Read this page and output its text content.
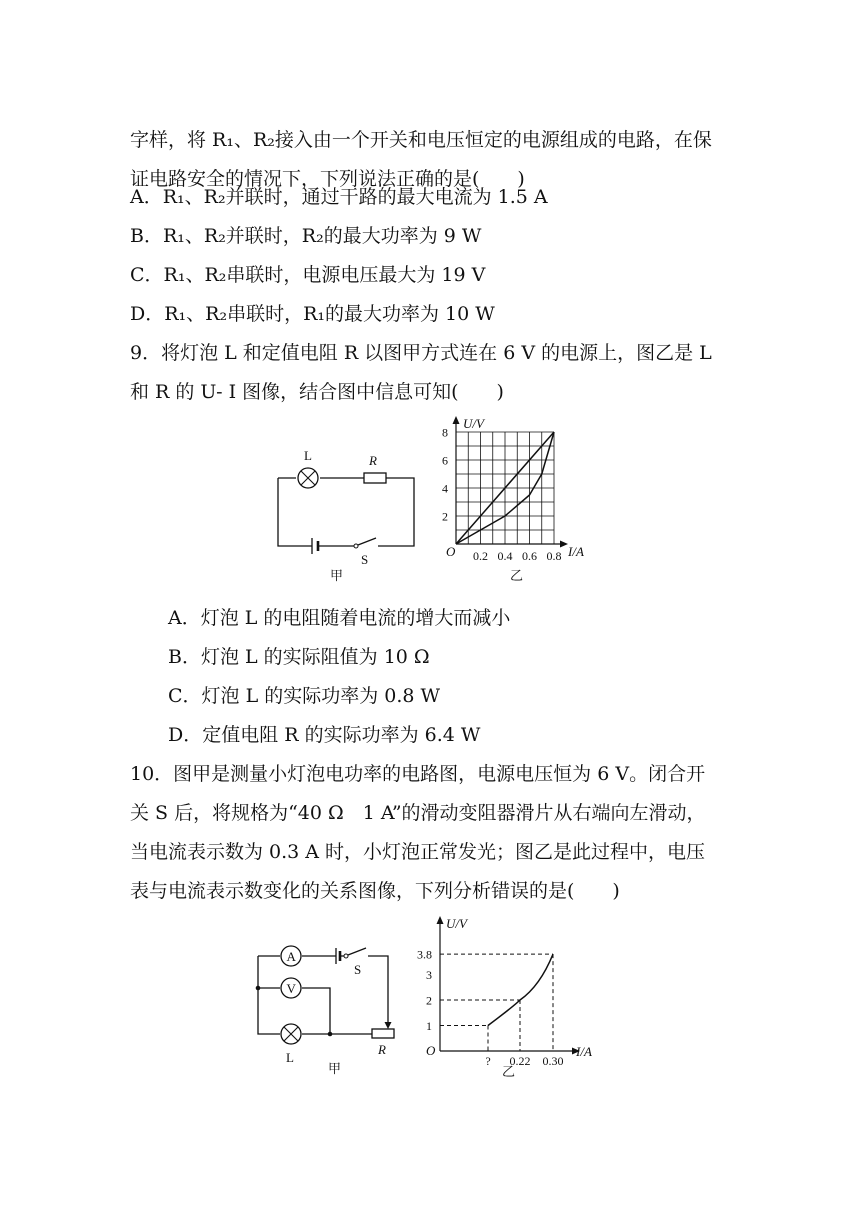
字样，将 R₁、R₂接入由一个开关和电压恒定的电源组成的电路，在保
证电路安全的情况下，下列说法正确的是(　　)
A．R₁、R₂并联时，通过干路的最大电流为 1.5 A
B．R₁、R₂并联时，R₂的最大功率为 9 W
C．R₁、R₂串联时，电源电压最大为 19 V
D．R₁、R₂串联时，R₁的最大功率为 10 W
9．将灯泡 L 和定值电阻 R 以图甲方式连在 6 V 的电源上，图乙是 L
和 R 的 U- I 图像，结合图中信息可知(　　)
L	R
S
甲
2
4
6
8
0.2 0.4 0.6 0.8
U/V
I/A
O
乙
A．灯泡 L 的电阻随着电流的增大而减小
B．灯泡 L 的实际阻值为 10 Ω
C．灯泡 L 的实际功率为 0.8 W
D．定值电阻 R 的实际功率为 6.4 W
10．图甲是测量小灯泡电功率的电路图，电源电压恒为 6 V。闭合开
关 S 后，将规格为“40 Ω　1 A”的滑动变阻器滑片从右端向左滑动，
当电流表示数为 0.3 A 时，小灯泡正常发光；图乙是此过程中，电压
表与电流表示数变化的关系图像，下列分析错误的是(　　)
A
V
S
L
R
甲
1
2
3
3.8
? 0.22 0.30
U/V
I/A
O
乙
